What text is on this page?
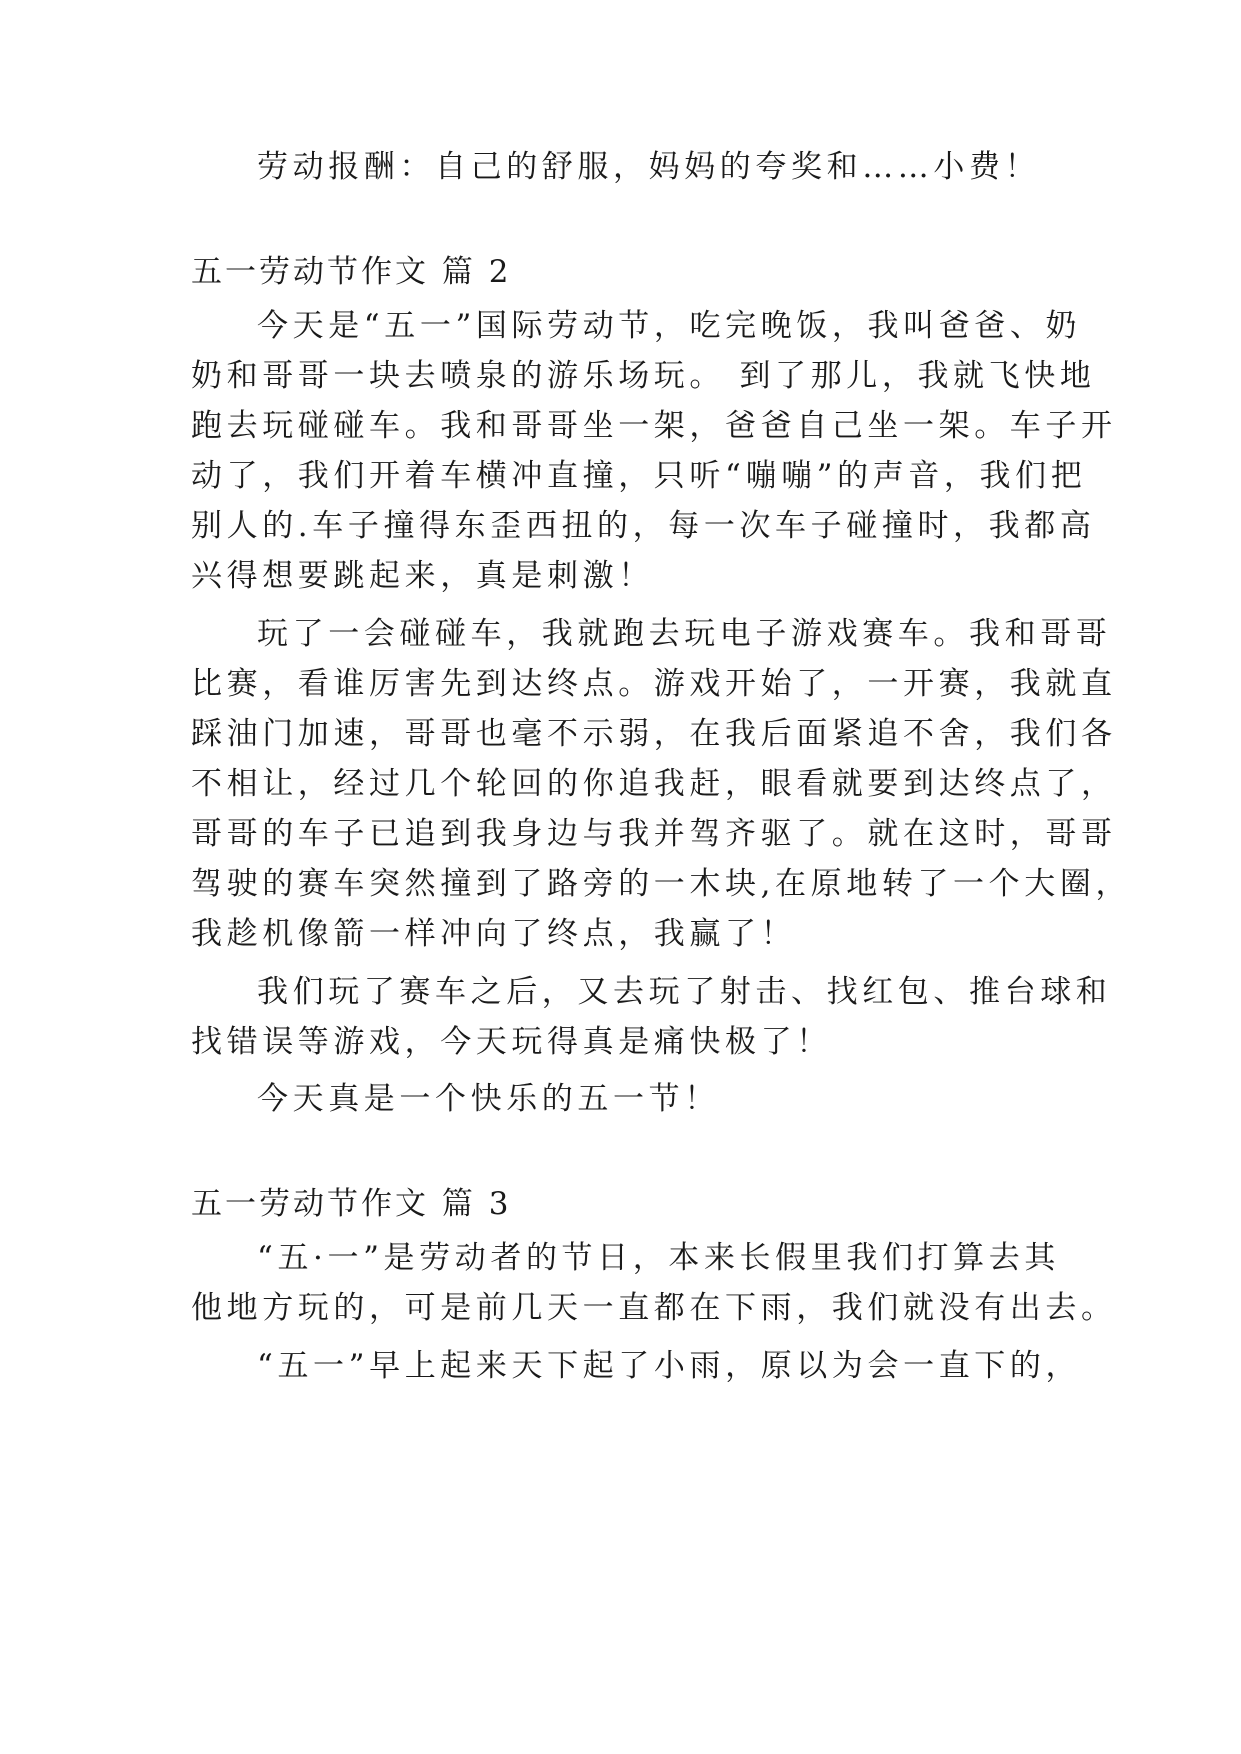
劳动报酬：自己的舒服，妈妈的夸奖和……小费！
五一劳动节作文 篇 2
今天是“五一”国际劳动节，吃完晚饭，我叫爸爸、奶
奶和哥哥一块去喷泉的游乐场玩。 到了那儿，我就飞快地
跑去玩碰碰车。我和哥哥坐一架，爸爸自己坐一架。车子开
动了，我们开着车横冲直撞，只听“嘣嘣”的声音，我们把
别人的.车子撞得东歪西扭的，每一次车子碰撞时，我都高
兴得想要跳起来，真是刺激！
玩了一会碰碰车，我就跑去玩电子游戏赛车。我和哥哥
比赛，看谁厉害先到达终点。游戏开始了，一开赛，我就直
踩油门加速，哥哥也毫不示弱，在我后面紧追不舍，我们各
不相让，经过几个轮回的你追我赶，眼看就要到达终点了，
哥哥的车子已追到我身边与我并驾齐驱了。就在这时，哥哥
驾驶的赛车突然撞到了路旁的一木块,在原地转了一个大圈，
我趁机像箭一样冲向了终点，我赢了！
我们玩了赛车之后，又去玩了射击、找红包、推台球和
找错误等游戏，今天玩得真是痛快极了！
今天真是一个快乐的五一节！
五一劳动节作文 篇 3
“五·一”是劳动者的节日，本来长假里我们打算去其
他地方玩的，可是前几天一直都在下雨，我们就没有出去。
“五一”早上起来天下起了小雨，原以为会一直下的，
